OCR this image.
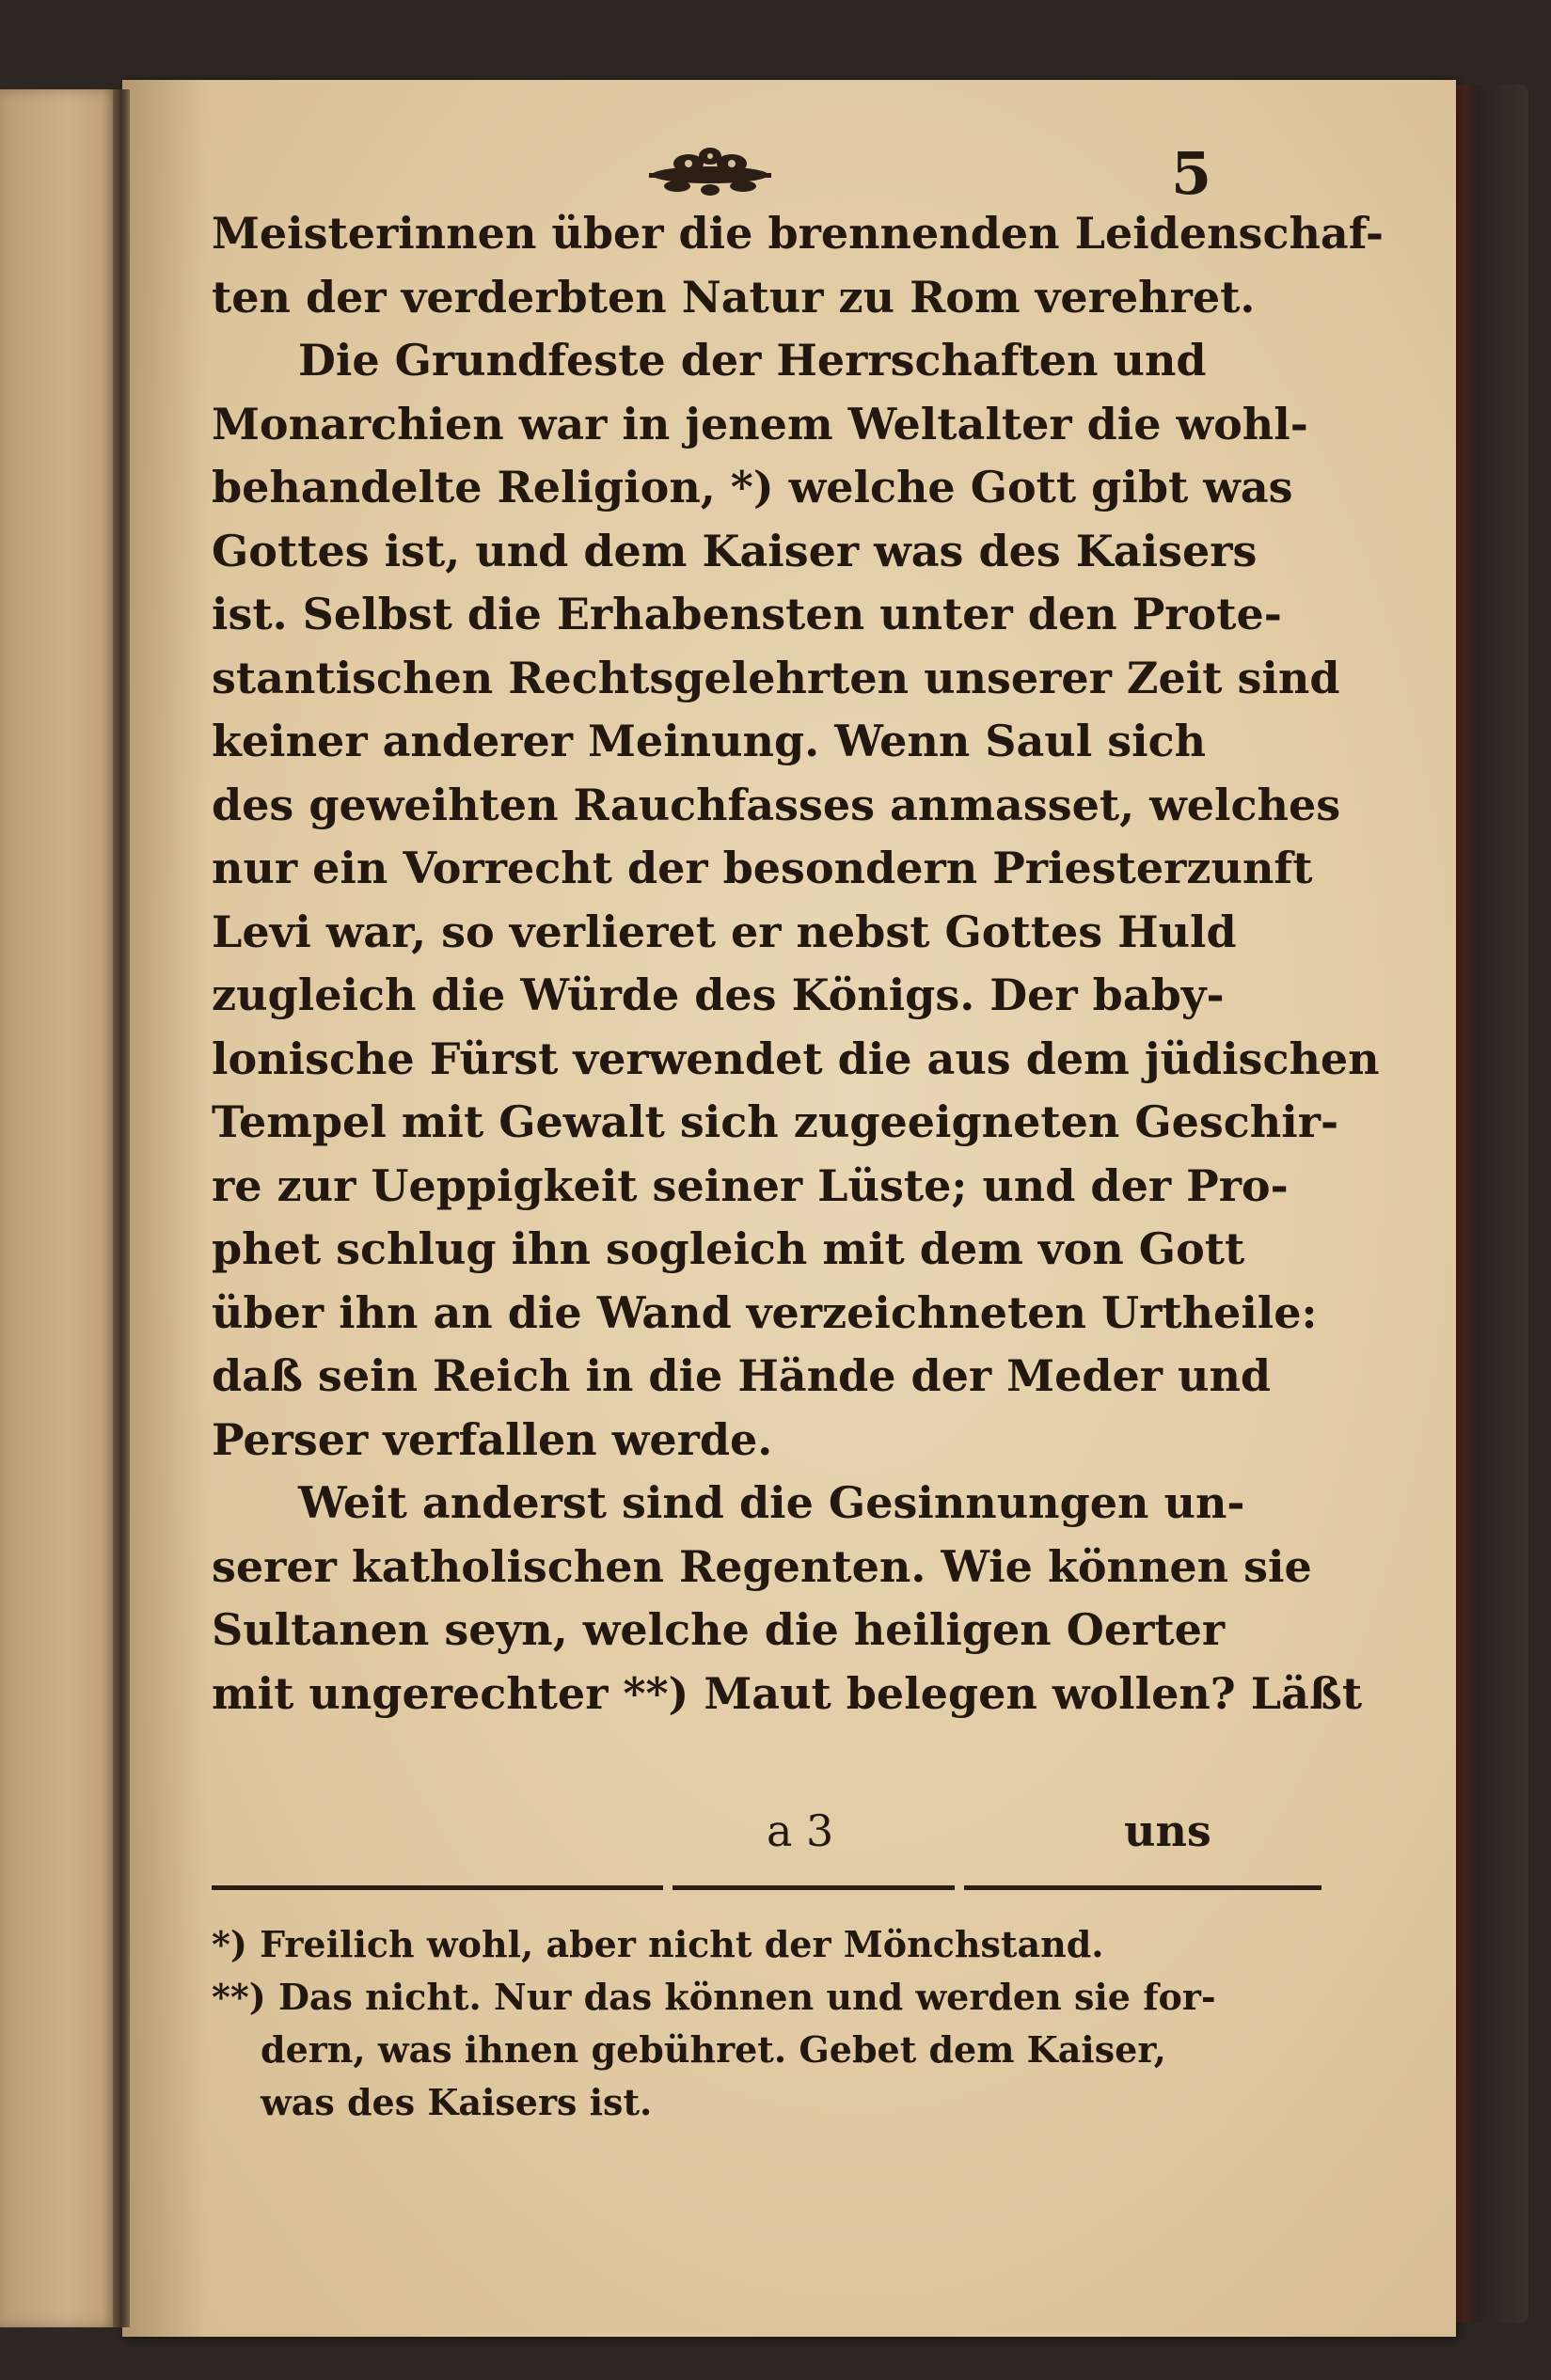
5
Meisterinnen über die brennenden Leidenschaf-
ten der verderbten Natur zu Rom verehret.
Die Grundfeste der Herrschaften und
Monarchien war in jenem Weltalter die wohl-
behandelte Religion, *) welche Gott gibt was
Gottes ist, und dem Kaiser was des Kaisers
ist. Selbst die Erhabensten unter den Prote-
stantischen Rechtsgelehrten unserer Zeit sind
keiner anderer Meinung. Wenn Saul sich
des geweihten Rauchfasses anmasset, welches
nur ein Vorrecht der besondern Priesterzunft
Levi war, so verlieret er nebst Gottes Huld
zugleich die Würde des Königs. Der baby-
lonische Fürst verwendet die aus dem jüdischen
Tempel mit Gewalt sich zugeeigneten Geschir-
re zur Ueppigkeit seiner Lüste; und der Pro-
phet schlug ihn sogleich mit dem von Gott
über ihn an die Wand verzeichneten Urtheile:
daß sein Reich in die Hände der Meder und
Perser verfallen werde.
Weit anderst sind die Gesinnungen un-
serer katholischen Regenten. Wie können sie
Sultanen seyn, welche die heiligen Oerter
mit ungerechter **) Maut belegen wollen? Läßt
a 3	uns
*) Freilich wohl, aber nicht der Mönchstand.
**) Das nicht. Nur das können und werden sie for-
dern, was ihnen gebühret. Gebet dem Kaiser,
was des Kaisers ist.
